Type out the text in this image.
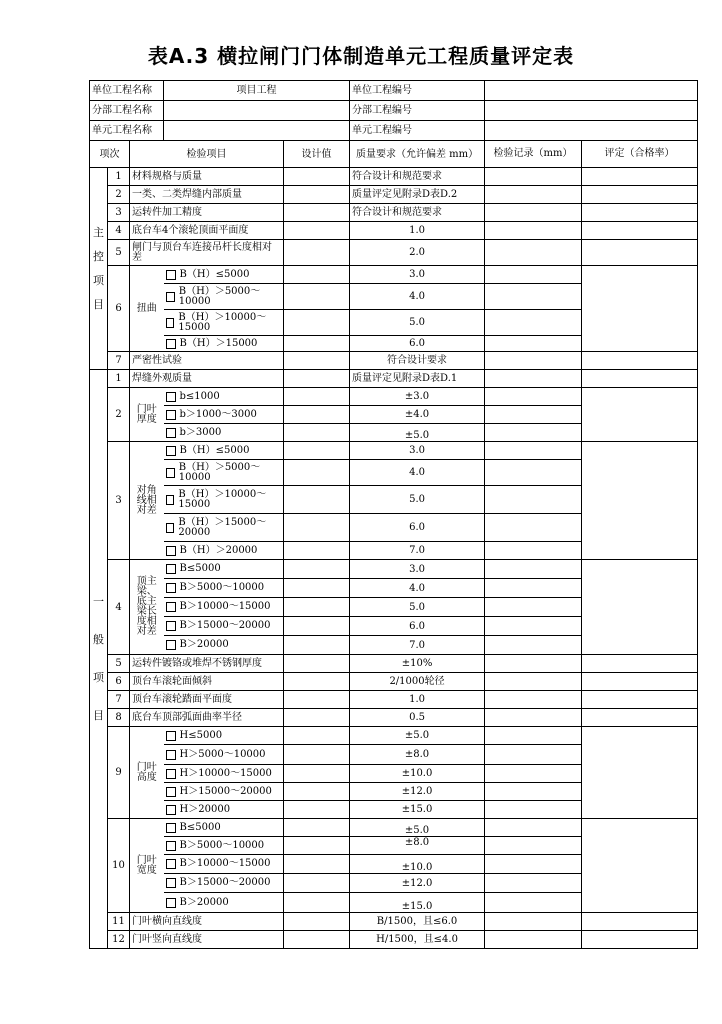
表A.3 横拉闸门门体制造单元工程质量评定表
单位工程名称			项目工程		单位工程编号		
分部工程名称					分部工程编号		
单元工程名称					单元工程编号		
项次		检验项目		设计值	质量要求（允许偏差 mm）	检验记录（mm）	评定（合格率）
主控项目	1	材料规格与质量			符合设计和规范要求		
	2	一类、二类焊缝内部质量			质量评定见附录D表D.2		
	3	运转件加工精度			符合设计和规范要求		
	4	底台车4个滚轮顶面平面度			1.0		
	5	闸门与顶台车连接吊杆长度相对差			2.0		
	6	扭曲	B（H）≤5000		3.0		

			B（H）＞5000～10000		4.0		

			B（H）＞10000～15000		5.0		

			B（H）＞15000		6.0		

	7	严密性试验			符合设计要求		
一般项目	1	焊缝外观质量			质量评定见附录D表D.1		
	2	门叶厚度	b≤1000		±3.0		

			b＞1000～3000		±4.0		

			b＞3000		±5.0		
	3	对角线相对差	B（H）≤5000		3.0		

			B（H）＞5000～10000		4.0		

			B（H）＞10000～15000		5.0		

			B（H）＞15000～20000		6.0		

			B（H）＞20000		7.0		
	4	顶主梁、底主梁长度相对差	B≤5000		3.0		

			B＞5000～10000		4.0		

			B＞10000～15000		5.0		

			B＞15000～20000		6.0		

			B＞20000		7.0		
	5	运转件镀铬或堆焊不锈钢厚度			±10%		
	6	顶台车滚轮面倾斜			2/1000轮径		
	7	顶台车滚轮踏面平面度			1.0		
	8	底台车顶部弧面曲率半径			0.5		
	9	门叶高度	H≤5000		±5.0		

			H＞5000～10000		±8.0		

			H＞10000～15000		±10.0		

			H＞15000～20000		±12.0		

			H＞20000		±15.0		
	10	门叶宽度	B≤5000		±5.0		

			B＞5000～10000		±8.0		

			B＞10000～15000		±10.0		

			B＞15000～20000		±12.0		

			B＞20000		±15.0		
	11	门叶横向直线度			B/1500，且≤6.0		
	12	门叶竖向直线度			H/1500，且≤4.0		
